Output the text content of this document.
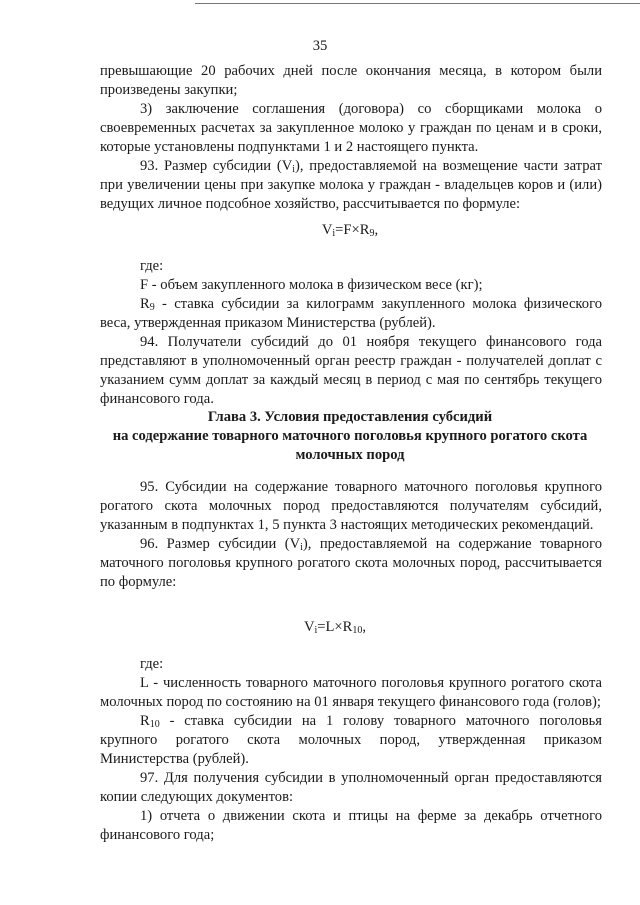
35

превышающие 20 рабочих дней после окончания месяца, в котором были произведены закупки;

3) заключение соглашения (договора) со сборщиками молока о своевременных расчетах за закупленное молоко у граждан по ценам и в сроки, которые установлены подпунктами 1 и 2 настоящего пункта.

93. Размер субсидии $(V_i)$, предоставляемой на возмещение части затрат при увеличении цены при закупке молока у граждан - владельцев коров и (или) ведущих личное подсобное хозяйство, рассчитывается по формуле:

$V_i=F\times R_9$,

где:

F - объем закупленного молока в физическом весе (кг);

$R_9$ - ставка субсидии за килограмм закупленного молока физического веса, утвержденная приказом Министерства (рублей).

94. Получатели субсидий до 01 ноября текущего финансового года представляют в уполномоченный орган реестр граждан - получателей доплат с указанием сумм доплат за каждый месяц в период с мая по сентябрь текущего финансового года.

Глава 3. Условия предоставления субсидий
на содержание товарного маточного поголовья крупного рогатого скота
молочных пород

95. Субсидии на содержание товарного маточного поголовья крупного рогатого скота молочных пород предоставляются получателям субсидий, указанным в подпунктах 1, 5 пункта 3 настоящих методических рекомендаций.

96. Размер субсидии $(V_i)$, предоставляемой на содержание товарного маточного поголовья крупного рогатого скота молочных пород, рассчитывается по формуле:

$V_i=L\times R_{10}$,

где:

L - численность товарного маточного поголовья крупного рогатого скота молочных пород по состоянию на 01 января текущего финансового года (голов);

$R_{10}$ - ставка субсидии на 1 голову товарного маточного поголовья крупного рогатого скота молочных пород, утвержденная приказом Министерства (рублей).

97. Для получения субсидии в уполномоченный орган предоставляются копии следующих документов:

1) отчета о движении скота и птицы на ферме за декабрь отчетного финансового года;
